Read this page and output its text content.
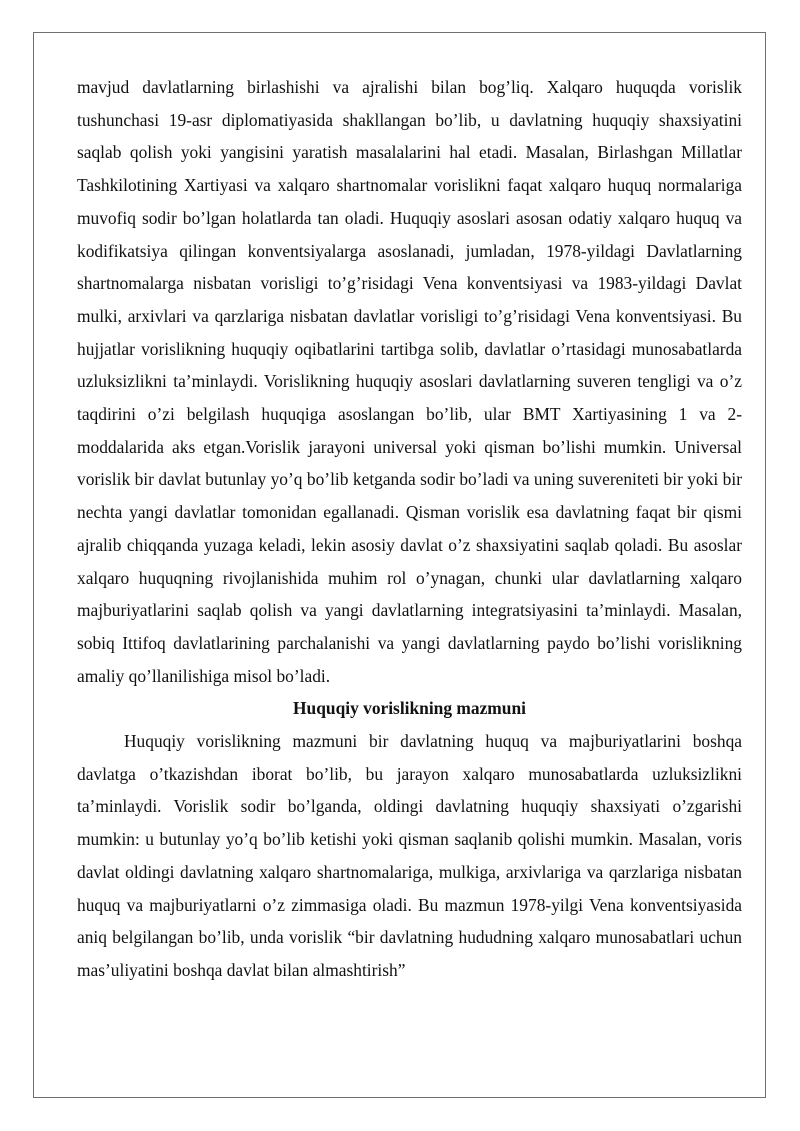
mavjud davlatlarning birlashishi va ajralishi bilan bog’liq. Xalqaro huquqda vorislik tushunchasi 19-asr diplomatiyasida shakllangan bo’lib, u davlatning huquqiy shaxsiyatini saqlab qolish yoki yangisini yaratish masalalarini hal etadi. Masalan, Birlashgan Millatlar Tashkilotining Xartiyasi va xalqaro shartnomalar vorislikni faqat xalqaro huquq normalariga muvofiq sodir bo’lgan holatlarda tan oladi. Huquqiy asoslari asosan odatiy xalqaro huquq va kodifikatsiya qilingan konventsiyalarga asoslanadi, jumladan, 1978-yildagi Davlatlarning shartnomalarga nisbatan vorisligi to’g’risidagi Vena konventsiyasi va 1983-yildagi Davlat mulki, arxivlari va qarzlariga nisbatan davlatlar vorisligi to’g’risidagi Vena konventsiyasi. Bu hujjatlar vorislikning huquqiy oqibatlarini tartibga solib, davlatlar o’rtasidagi munosabatlarda uzluksizlikni ta’minlaydi. Vorislikning huquqiy asoslari davlatlarning suveren tengligi va o’z taqdirini o’zi belgilash huquqiga asoslangan bo’lib, ular BMT Xartiyasining 1 va 2-moddalarida aks etgan.Vorislik jarayoni universal yoki qisman bo’lishi mumkin. Universal vorislik bir davlat butunlay yo’q bo’lib ketganda sodir bo’ladi va uning suvereniteti bir yoki bir nechta yangi davlatlar tomonidan egallanadi. Qisman vorislik esa davlatning faqat bir qismi ajralib chiqqanda yuzaga keladi, lekin asosiy davlat o’z shaxsiyatini saqlab qoladi. Bu asoslar xalqaro huquqning rivojlanishida muhim rol o’ynagan, chunki ular davlatlarning xalqaro majburiyatlarini saqlab qolish va yangi davlatlarning integratsiyasini ta’minlaydi. Masalan, sobiq Ittifoq davlatlarining parchalanishi va yangi davlatlarning paydo bo’lishi vorislikning amaliy qo’llanilishiga misol bo’ladi.

Huquqiy vorislikning mazmuni

Huquqiy vorislikning mazmuni bir davlatning huquq va majburiyatlarini boshqa davlatga o’tkazishdan iborat bo’lib, bu jarayon xalqaro munosabatlarda uzluksizlikni ta’minlaydi. Vorislik sodir bo’lganda, oldingi davlatning huquqiy shaxsiyati o’zgarishi mumkin: u butunlay yo’q bo’lib ketishi yoki qisman saqlanib qolishi mumkin. Masalan, voris davlat oldingi davlatning xalqaro shartnomalariga, mulkiga, arxivlariga va qarzlariga nisbatan huquq va majburiyatlarni o’z zimmasiga oladi. Bu mazmun 1978-yilgi Vena konventsiyasida aniq belgilangan bo’lib, unda vorislik “bir davlatning hududning xalqaro munosabatlari uchun mas’uliyatini boshqa davlat bilan almashtirish”
